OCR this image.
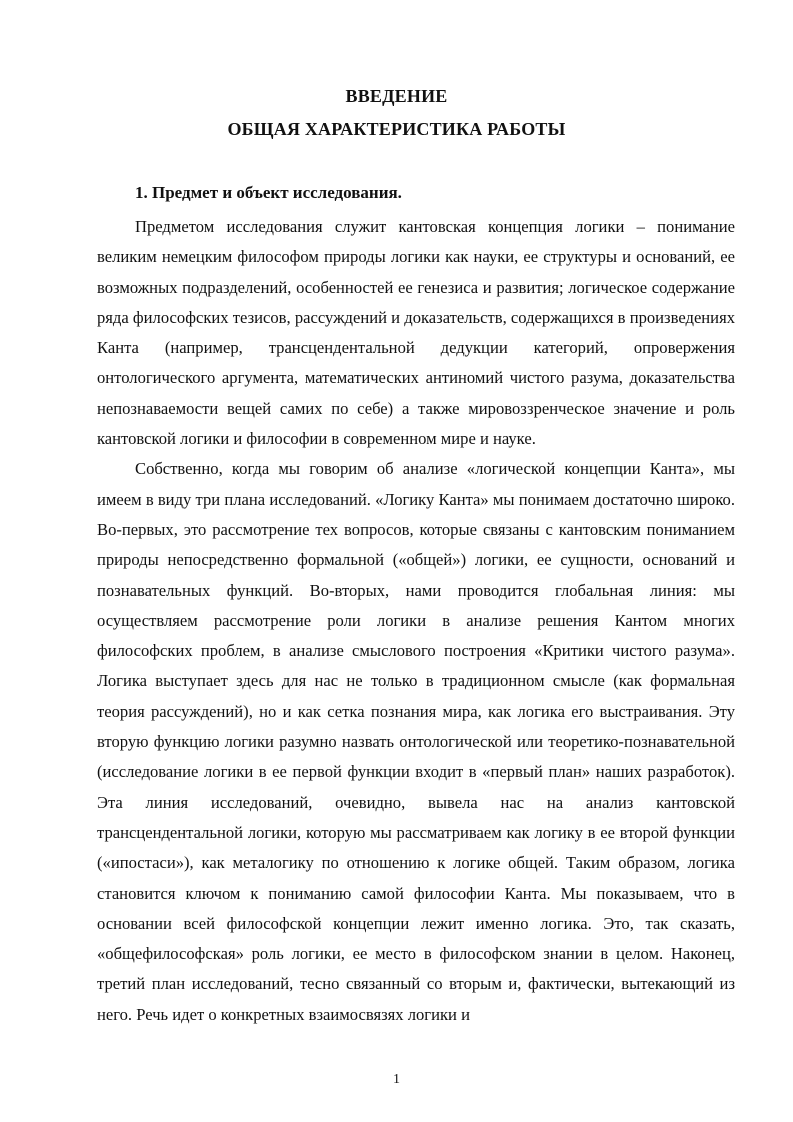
ВВЕДЕНИЕ
ОБЩАЯ ХАРАКТЕРИСТИКА РАБОТЫ
1. Предмет и объект исследования.

Предметом исследования служит кантовская концепция логики – понимание великим немецким философом природы логики как науки, ее структуры и оснований, ее возможных подразделений, особенностей ее генезиса и развития; логическое содержание ряда философских тезисов, рассуждений и доказательств, содержащихся в произведениях Канта (например, трансцендентальной дедукции категорий, опровержения онтологического аргумента, математических антиномий чистого разума, доказательства непознаваемости вещей самих по себе) а также мировоззренческое значение и роль кантовской логики и философии в современном мире и науке.

Собственно, когда мы говорим об анализе «логической концепции Канта», мы имеем в виду три плана исследований. «Логику Канта» мы понимаем достаточно широко. Во-первых, это рассмотрение тех вопросов, которые связаны с кантовским пониманием природы непосредственно формальной («общей») логики, ее сущности, оснований и познавательных функций. Во-вторых, нами проводится глобальная линия: мы осуществляем рассмотрение роли логики в анализе решения Кантом многих философских проблем, в анализе смыслового построения «Критики чистого разума». Логика выступает здесь для нас не только в традиционном смысле (как формальная теория рассуждений), но и как сетка познания мира, как логика его выстраивания. Эту вторую функцию логики разумно назвать онтологической или теоретико-познавательной (исследование логики в ее первой функции входит в «первый план» наших разработок). Эта линия исследований, очевидно, вывела нас на анализ кантовской трансцендентальной логики, которую мы рассматриваем как логику в ее второй функции («ипостаси»), как металогику по отношению к логике общей. Таким образом, логика становится ключом к пониманию самой философии Канта. Мы показываем, что в основании всей философской концепции лежит именно логика. Это, так сказать, «общефилософская» роль логики, ее место в философском знании в целом. Наконец, третий план исследований, тесно связанный со вторым и, фактически, вытекающий из него. Речь идет о конкретных взаимосвязях логики и

1
